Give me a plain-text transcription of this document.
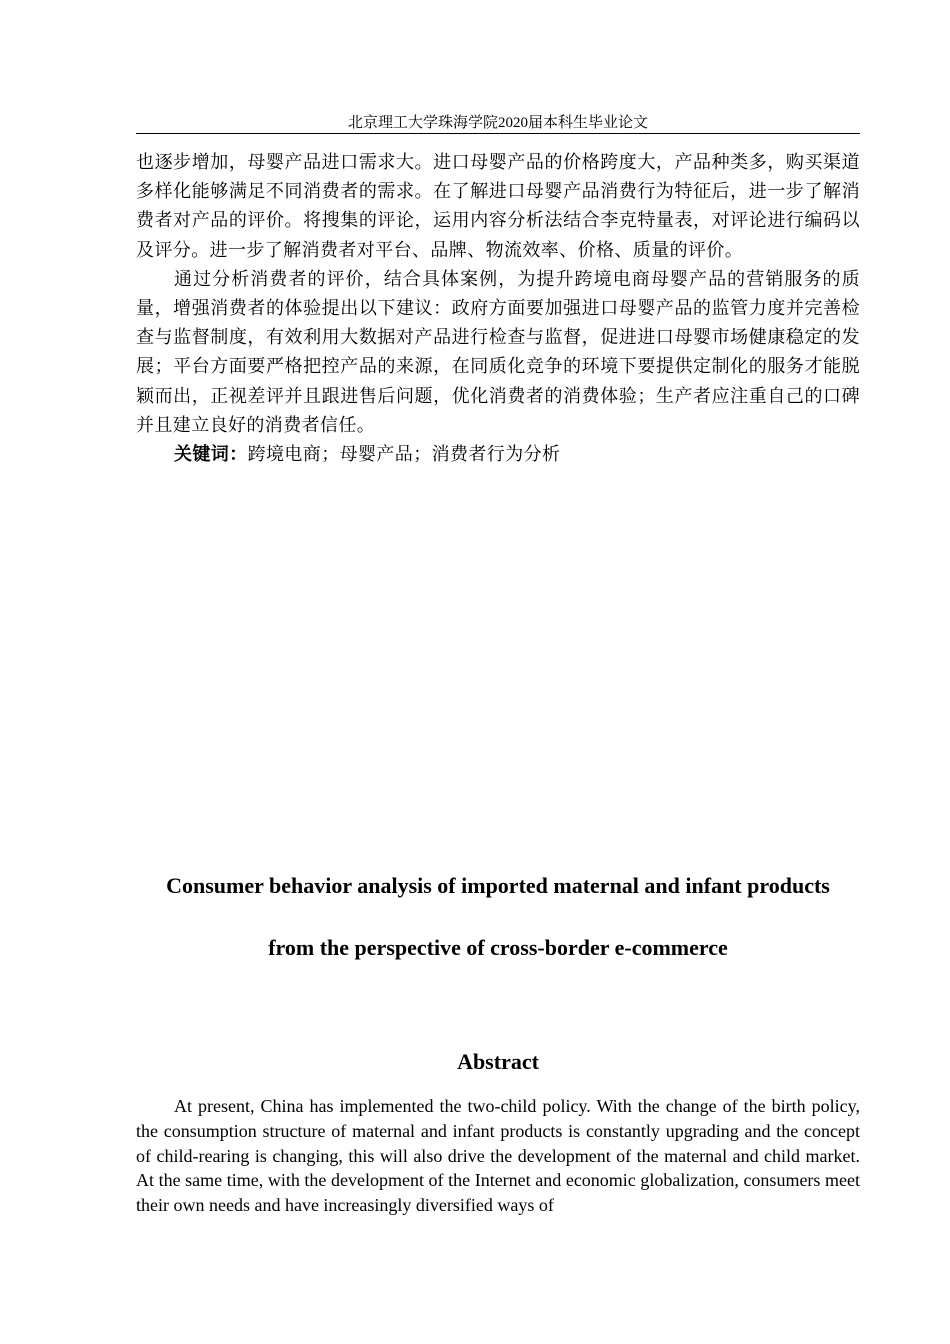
北京理工大学珠海学院2020届本科生毕业论文

也逐步增加，母婴产品进口需求大。进口母婴产品的价格跨度大，产品种类多，购买渠道多样化能够满足不同消费者的需求。在了解进口母婴产品消费行为特征后，进一步了解消费者对产品的评价。将搜集的评论，运用内容分析法结合李克特量表，对评论进行编码以及评分。进一步了解消费者对平台、品牌、物流效率、价格、质量的评价。

通过分析消费者的评价，结合具体案例，为提升跨境电商母婴产品的营销服务的质量，增强消费者的体验提出以下建议：政府方面要加强进口母婴产品的监管力度并完善检查与监督制度，有效利用大数据对产品进行检查与监督，促进进口母婴市场健康稳定的发展；平台方面要严格把控产品的来源，在同质化竞争的环境下要提供定制化的服务才能脱颖而出，正视差评并且跟进售后问题，优化消费者的消费体验；生产者应注重自己的口碑并且建立良好的消费者信任。

关键词：跨境电商；母婴产品；消费者行为分析

Consumer behavior analysis of imported maternal and infant products
from the perspective of cross-border e-commerce
Abstract

At present, China has implemented the two-child policy. With the change of the birth policy, the consumption structure of maternal and infant products is constantly upgrading and the concept of child-rearing is changing, this will also drive the development of the maternal and child market. At the same time, with the development of the Internet and economic globalization, consumers meet their own needs and have increasingly diversified ways of
